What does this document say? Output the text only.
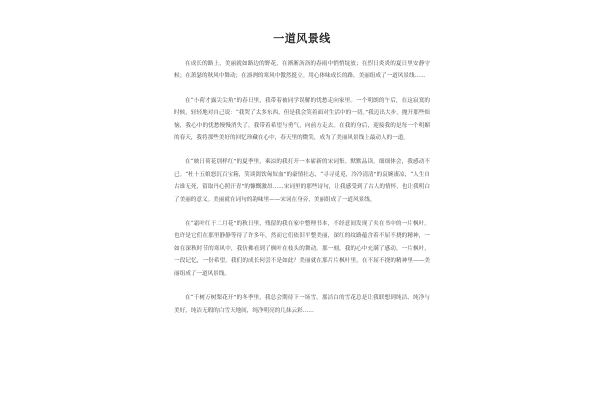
一道风景线

在成长的路上，美丽就如路边的野花，在淅淅沥沥的春雨中悄悄绽放；在烈日炎炎的夏日里安静守候；在萧瑟的秋风中舞动；在凛冽的寒风中傲然挺立。用心体味成长的路，美丽组成了一道风景线……

在“小荷才露尖尖角”的春日里，我带着被同学误解的忧愁走向家里。一个明朗的午后，在这寂寞的时候，轻轻地对自己说：“我哭了太多东西，但是我会笑着面对生活中的一切。”我迈出大步，抛开那些烦恼，我心中的忧愁慢慢消失了。我带着希望与勇气，向前方走去。在我的身后，迎接我的是每一个明媚的春天，我将那些美好的回忆珍藏在心中，春天里的微笑，成为了美丽风景线上最动人的一道。

在“映日荷花别样红”的夏季里，乘凉的我打开一本崭新的宋词集。默默品读，细细体会，我感动不已。“杜十五娘怒沉百宝箱，笑谈渴饮匈奴血”的豪情壮志，“寻寻觅觅，冷冷清清”的哀婉凄凉，“人生自古谁无死，留取丹心照汗青”的慷慨激昂……宋词里的那些诗句，让我感受到了古人的情怀，也让我明白了美丽的意义。美丽就在词句的韵味里——宋词在身旁，美丽组成了一道风景线。

在“霜叶红于二月花”的秋日里，残留的我在家中整理书本，不经意间发现了夹在书中的一片枫叶。也许是它们在那里静静等待了许多年，然而它们依旧平整美丽，深红的纹路蕴含着不屈不挠的精神，一如在深秋时节的寒风中，我仿佛看到了枫叶在枝头的舞动。那一刻，我的心中充满了感动，一片枫叶，一段记忆，一份希望。我们的成长何尝不是如此？美丽就在那片片枫叶里，在不屈不挠的精神里——美丽组成了一道风景线。

在“千树万树梨花开”的冬季里，我总会期待下一场雪。那洁白的雪花总是让我联想到纯洁、纯净与美好，纯洁无瑕的白雪天地间，纯净明亮的几抹云彩……
